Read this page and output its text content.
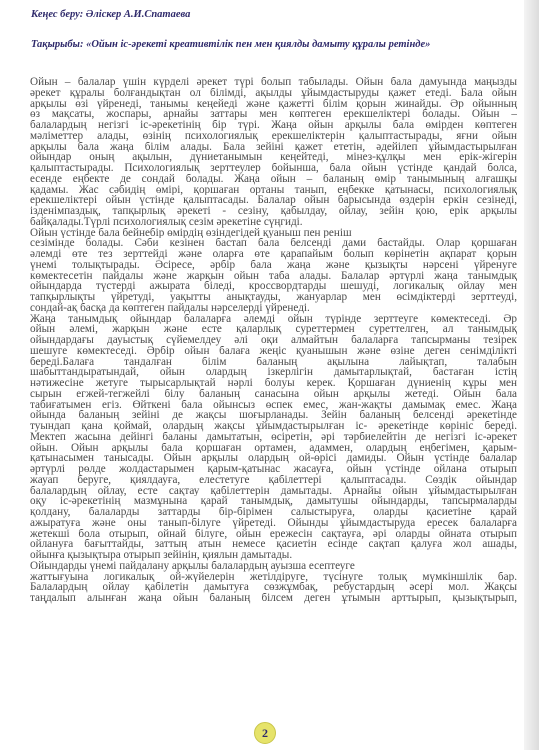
Кеңес беру: Әліскер А.И.Спатаева
Тақырыбы: «Ойын іс-әрекеті креативтілік пен мен қиялды дамыту құралы ретінде»
Ойын – балалар үшін күрделі әрекет түрі болып табылады. Ойын бала дамуында маңызды
әрекет құралы болғандықтан ол білімді, ақылды ұйымдастыруды қажет етеді. Бала ойын
арқылы өзі үйренеді, танымы кеңейеді және қажетті білім қорын жинайды. Әр ойынның
өз мақсаты, жоспары, арнайы заттары мен көптеген ерекшеліктері болады. Ойын –
балалардың негізгі іс-әрекетінің бір түрі. Жаңа ойын арқылы бала өмірден көптеген
мәліметтер алады, өзінің психологиялық ерекшеліктерін қалыптастырады, яғни ойын
арқылы бала жаңа білім алады. Бала зейіні қажет ететін, әдейілеп ұйымдастырылған
ойындар оның ақылын, дүниетанымын кеңейтеді, мінез-құлқы мен ерік-жігерін
қалыптастырады. Психологиялық зерттеулер бойынша, бала ойын үстінде қандай болса,
есенде еңбекте де сондай болады. Жаңа ойын – баланың өмір танымының алғашқы
қадамы. Жас сәбидің өмірі, қоршаған ортаны танып, еңбекке қатынасы, психологиялық
ерекшеліктері ойын үстінде қалыптасады. Балалар ойын барысында өздерін еркін сезінеді,
ізденімпаздық, тапқырлық әрекеті - сезіну, қабылдау, ойлау, зейін қою, ерік арқылы
байқалады.Түрлі психологиялық сезім әрекетіне сүңгиді.
Ойын үстінде бала бейнебір өмірдің өзіндегідей қуаныш пен реніш
сезімінде болады. Сәби кезінен бастап бала белсенді дами бастайды. Олар қоршаған
әлемді өте тез зерттейді және оларға өте қарапайым болып көрінетін ақпарат қорын
үнемі толықтырады. Әсіресе, әрбір бала жаңа және қызықты нәрсені үйренуге
көмектесетін пайдалы және жарқын ойын таба алады. Балалар әртүрлі жаңа танымдық
ойындарда түстерді ажырата біледі, кроссвордтарды шешуді, логикалық ойлау мен
тапқырлықты үйретуді, уақытты анықтауды, жануарлар мен өсімдіктерді зерттеуді,
сондай-ақ басқа да көптеген пайдалы нәрселерді үйренеді.
Жаңа танымдық ойындар балаларға әлемді ойын түрінде зерттеуге көмектеседі. Әр
ойын әлемі, жарқын және есте қаларлық суреттермен суреттелген, ал танымдық
ойындардағы дауыстық сүйемелдеу әлі оқи алмайтын балаларға тапсырманы тезірек
шешуге көмектеседі. Әрбір ойын балаға жеңіс қуанышын және өзіне деген сенімділікті
береді.Балаға тандалған білім баланың ақылына лайықтап, талабын
шабыттандыратындай, ойын олардың ізкерлігін дамытарлықтай, бастаған істің
нәтижесіне жетуге тырысарлықтай нәрлі болуы керек. Қоршаған дүниенің кұры мен
сырын егжей-тегжейлі білу баланың санасына ойын арқылы жетеді. Ойын бала
табиғатымен егіз. Өйткені бала ойынсыз өспек емес, жан-жақты дамымақ емес. Жаңа
ойында баланың зейіні де жақсы шоғырланады. Зейін баланың белсенді әрекетінде
туындап қана қоймай, олардың жақсы ұйымдастырылған іс- әрекетінде көрініс береді.
Мектеп жасына дейінгі баланы дамытатын, өсіретін, әрі тәрбиелейтін де негізгі іс-әрекет
ойын. Ойын арқылы бала қоршаған ортамен, адаммен, олардың еңбегімен, қарым-
қатынасымен танысады. Ойын арқылы олардың ой-өрісі дамиды. Ойын үстінде балалар
әртүрлі рөлде жолдастарымен қарым-қатынас жасауға, ойын үстінде ойлана отырып
жауап беруге, қиялдауға, елестетуге қабілеттері қалыптасады. Сөздік ойындар
балалардың ойлау, есте сақтау қабілеттерін дамытады. Арнайы ойын ұйымдастырылған
оқу іс-әрекетінің мазмұнына қарай танымдық, дамытушы ойындарды, тапсырмаларды
қолдану, балаларды заттарды бір-бірімен салыстыруға, оларды қасиетіне қарай
ажыратуға және оны танып-білуге үйретеді. Ойынды ұйымдастыруда ересек балаларға
жетекші бола отырып, ойнай білуге, ойын ережесін сақтауға, әрі оларды ойната отырып
ойлануға бағыттайды, заттың атын немесе қасиетін есінде сақтап қалуға жол ашады,
ойынға қызықтыра отырып зейінін, қиялын дамытады.
Ойындарды үнемі пайдалану арқылы балалардың ауызша есептеуге
жаттығуына логикалық ой-жүйелерін жетілдіруге, түсінуге толық мүмкіншілік бар.
Балалардың ойлау қабілетін дамытуға сөзжұмбақ, ребустардың әсері мол. Жақсы
таңдалып алынған жаңа ойын баланың білсем деген ұтымын арттырып, қызықтырып,
2
